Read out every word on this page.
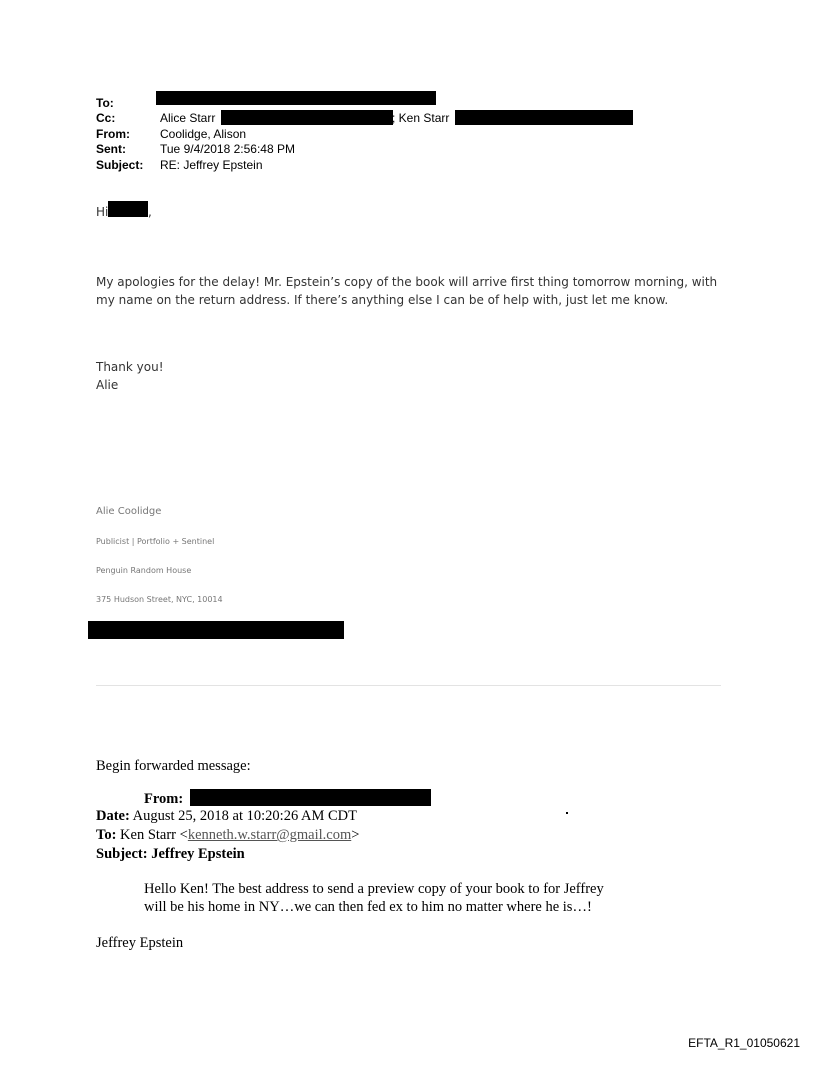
To:
Cc:	Alice Starr	; Ken Starr
From:	Coolidge, Alison
Sent:	Tue 9/4/2018 2:56:48 PM
Subject: RE: Jeffrey Epstein
Hi	,
My apologies for the delay! Mr. Epstein’s copy of the book will arrive first thing tomorrow morning, with
my name on the return address. If there’s anything else I can be of help with, just let me know.
Thank you!
Alie
Alie Coolidge
Publicist | Portfolio + Sentinel
Penguin Random House
375 Hudson Street, NYC, 10014
Begin forwarded message:
From:
Date: August 25, 2018 at 10:20:26 AM CDT
To: Ken Starr <kenneth.w.starr@gmail.com>
Subject: Jeffrey Epstein
Hello Ken! The best address to send a preview copy of your book to for Jeffrey
will be his home in NY…we can then fed ex to him no matter where he is…!
Jeffrey Epstein
EFTA_R1_01050621
